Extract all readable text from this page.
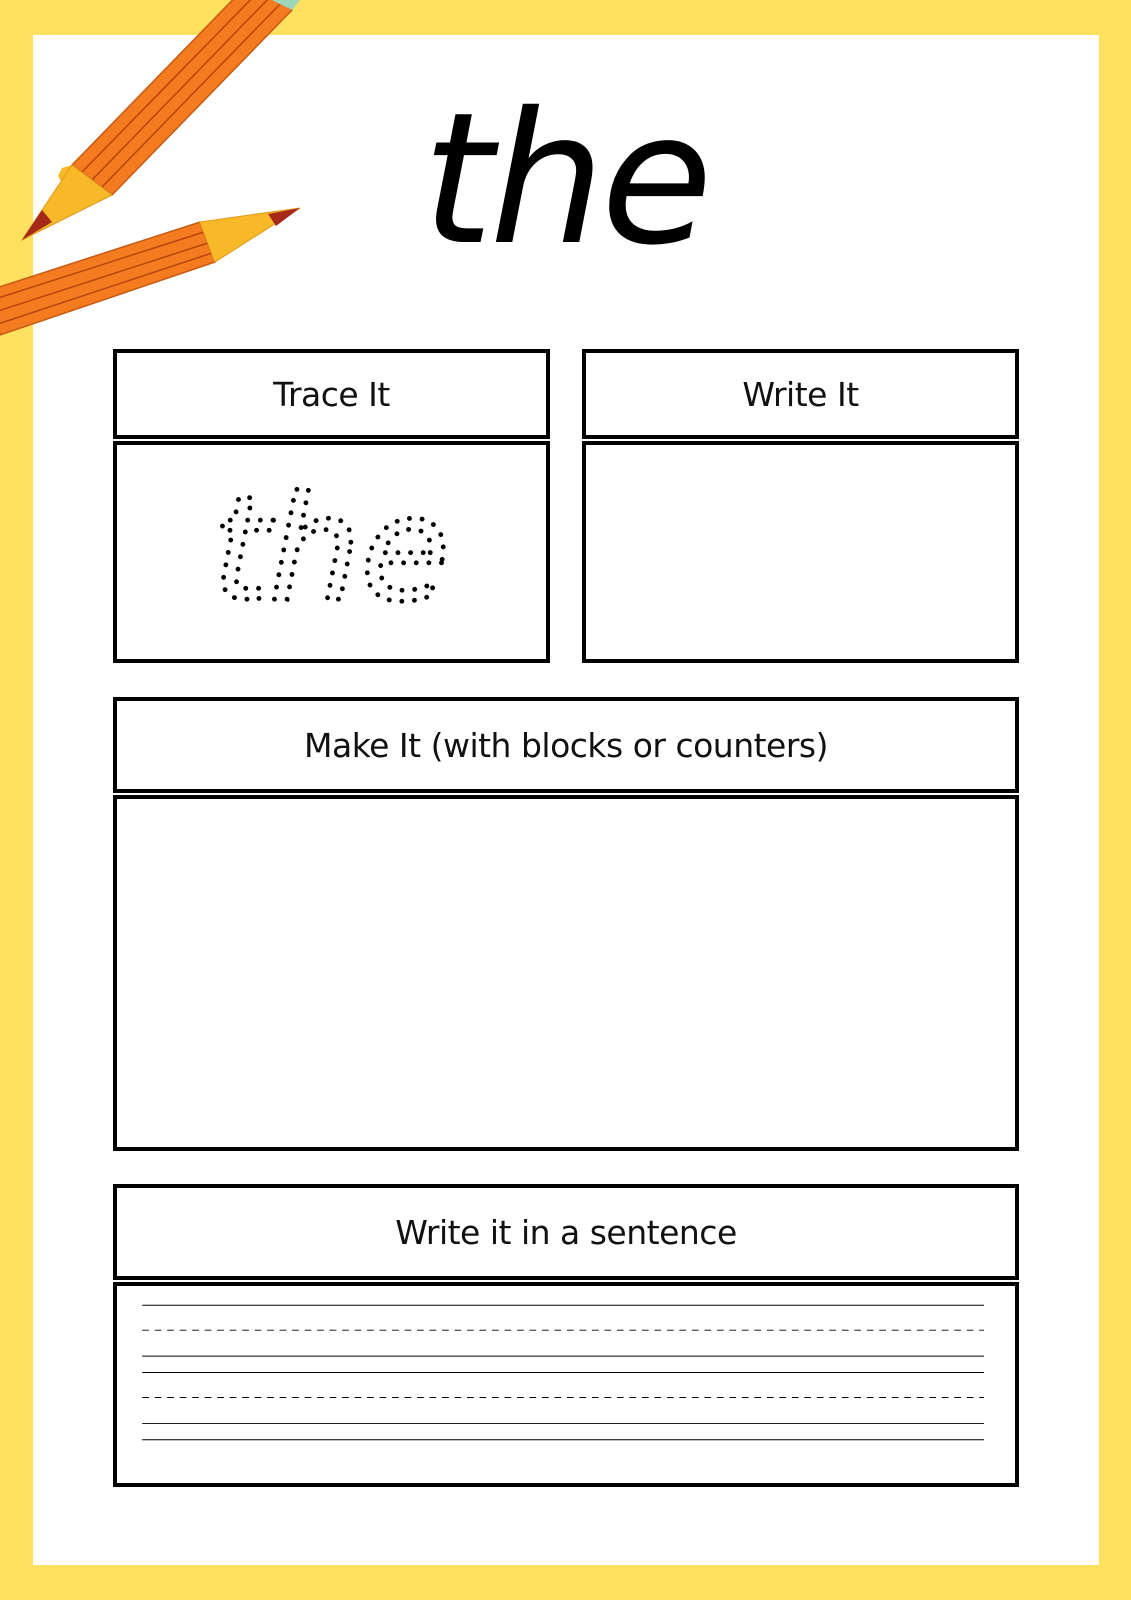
the
Trace It
the
Write It
Make It (with blocks or counters)
Write it in a sentence
